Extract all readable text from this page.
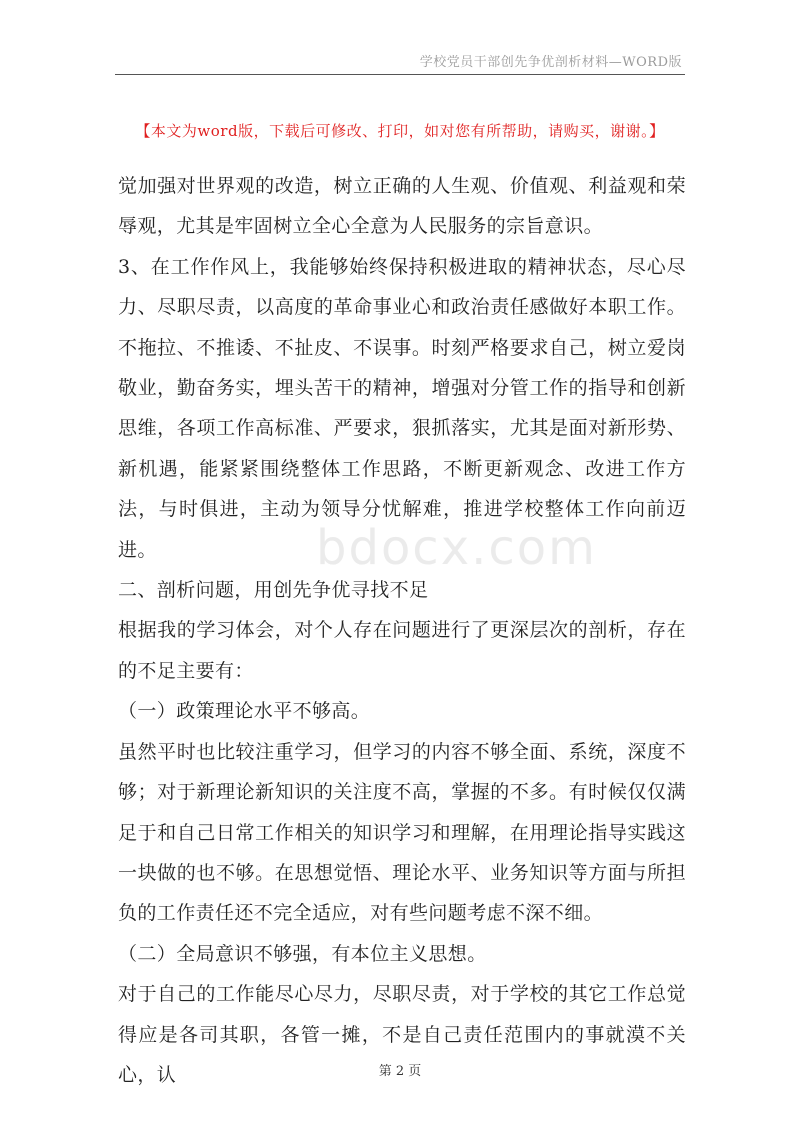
学校党员干部创先争优剖析材料—WORD版
【本文为word版，下载后可修改、打印，如对您有所帮助，请购买，谢谢。】

觉加强对世界观的改造，树立正确的人生观、价值观、利益观和荣辱观，尤其是牢固树立全心全意为人民服务的宗旨意识。

3、在工作作风上，我能够始终保持积极进取的精神状态，尽心尽力、尽职尽责，以高度的革命事业心和政治责任感做好本职工作。不拖拉、不推诿、不扯皮、不误事。时刻严格要求自己，树立爱岗敬业，勤奋务实，埋头苦干的精神，增强对分管工作的指导和创新思维，各项工作高标准、严要求，狠抓落实，尤其是面对新形势、新机遇，能紧紧围绕整体工作思路，不断更新观念、改进工作方法，与时俱进，主动为领导分忧解难，推进学校整体工作向前迈进。

二、剖析问题，用创先争优寻找不足

根据我的学习体会，对个人存在问题进行了更深层次的剖析，存在的不足主要有：

（一）政策理论水平不够高。

虽然平时也比较注重学习，但学习的内容不够全面、系统，深度不够；对于新理论新知识的关注度不高，掌握的不多。有时候仅仅满足于和自己日常工作相关的知识学习和理解，在用理论指导实践这一块做的也不够。在思想觉悟、理论水平、业务知识等方面与所担负的工作责任还不完全适应，对有些问题考虑不深不细。

（二）全局意识不够强，有本位主义思想。

对于自己的工作能尽心尽力，尽职尽责，对于学校的其它工作总觉得应是各司其职，各管一摊，不是自己责任范围内的事就漠不关心，认

bdocx.com
第 2 页
